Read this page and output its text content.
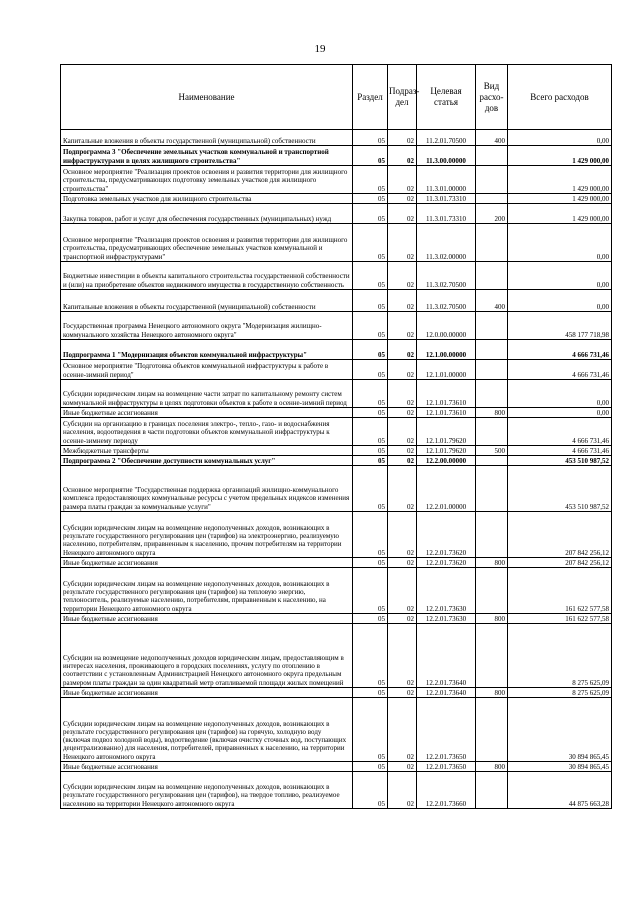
19
Наименование	Раздел	Подраз-дел	Целевая статья	Вид расхо-дов	Всего расходов
Капитальные вложения в объекты государственной (муниципальной) собственности	05	02	11.2.01.70500	400	0,00
Подпрограмма 3 "Обеспечение земельных участков коммунальной и транспортной инфраструктурами в целях жилищного строительства"	05	02	11.3.00.00000		1 429 000,00
Основное мероприятие "Реализация проектов освоения и развития территории для жилищного строительства, предусматривающих подготовку земельных участков для жилищного строительства"	05	02	11.3.01.00000		1 429 000,00
Подготовка земельных участков для жилищного строительства	05	02	11.3.01.73310		1 429 000,00
Закупка товаров, работ и услуг для обеспечения государственных (муниципальных) нужд	05	02	11.3.01.73310	200	1 429 000,00
Основное мероприятие "Реализация проектов освоения и развития территории для жилищного строительства, предусматривающих обеспечение земельных участков коммунальной и транспортной инфраструктурами"	05	02	11.3.02.00000		0,00
Бюджетные инвестиции в объекты капитального строительства государственной собственности и (или) на приобретение объектов недвижимого имущества в государственную собственность	05	02	11.3.02.70500		0,00
Капитальные вложения в объекты государственной (муниципальной) собственности	05	02	11.3.02.70500	400	0,00
Государственная программа Ненецкого автономного округа "Модернизация жилищно-коммунального хозяйства Ненецкого автономного округа"	05	02	12.0.00.00000		458 177 718,98
Подпрограмма 1 "Модернизация объектов коммунальной инфраструктуры"	05	02	12.1.00.00000		4 666 731,46
Основное мероприятие "Подготовка объектов коммунальной инфраструктуры к работе в осенне-зимний период"	05	02	12.1.01.00000		4 666 731,46
Субсидии юридическим лицам на возмещение части затрат по капитальному ремонту систем коммунальной инфраструктуры в целях подготовки объектов к работе в осенне-зимний период	05	02	12.1.01.73610		0,00
Иные бюджетные ассигнования	05	02	12.1.01.73610	800	0,00
Субсидии на организацию в границах поселения электро-, тепло-, газо- и водоснабжения населения, водоотведения в части подготовки объектов коммунальной инфраструктуры к осенне-зимнему периоду	05	02	12.1.01.79620		4 666 731,46
Межбюджетные трансферты	05	02	12.1.01.79620	500	4 666 731,46
Подпрограмма 2 "Обеспечение доступности коммунальных услуг"	05	02	12.2.00.00000		453 510 987,52
Основное мероприятие "Государственная поддержка организаций жилищно-коммунального комплекса предоставляющих коммунальные ресурсы с учетом предельных индексов изменения размера платы граждан за коммунальные услуги"	05	02	12.2.01.00000		453 510 987,52
Субсидии юридическим лицам на возмещение недополученных доходов, возникающих в результате государственного регулирования цен (тарифов) на электроэнергию, реализуемую населению, потребителям, приравненным к населению, прочим потребителям на территории Ненецкого автономного округа	05	02	12.2.01.73620		207 842 256,12
Иные бюджетные ассигнования	05	02	12.2.01.73620	800	207 842 256,12
Субсидии юридическим лицам на возмещение недополученных доходов, возникающих в результате государственного регулирования цен (тарифов) на тепловую энергию, теплоноситель, реализуемые населению, потребителям, приравненным к населению, на территории Ненецкого автономного округа	05	02	12.2.01.73630		161 622 577,58
Иные бюджетные ассигнования	05	02	12.2.01.73630	800	161 622 577,58
Субсидии на возмещение недополученных доходов юридическим лицам, предоставляющим в интересах населения, проживающего в городских поселениях, услугу по отоплению в соответствии с установленным Администрацией Ненецкого автономного округа предельным размером платы граждан за один квадратный метр отапливаемой площади жилых помещений	05	02	12.2.01.73640		8 275 625,09
Иные бюджетные ассигнования	05	02	12.2.01.73640	800	8 275 625,09
Субсидии юридическим лицам на возмещение недополученных доходов, возникающих в результате государственного регулирования цен (тарифов) на горячую, холодную воду (включая подвоз холодной воды), водоотведение (включая очистку сточных вод, поступающих децентрализованно) для населения, потребителей, приравненных к населению, на территории Ненецкого автономного округа	05	02	12.2.01.73650		30 894 865,45
Иные бюджетные ассигнования	05	02	12.2.01.73650	800	30 894 865,45
Субсидии юридическим лицам на возмещение недополученных доходов, возникающих в результате государственного регулирования цен (тарифов), на твердое топливо, реализуемое населению на территории Ненецкого автономного округа	05	02	12.2.01.73660		44 875 663,28
